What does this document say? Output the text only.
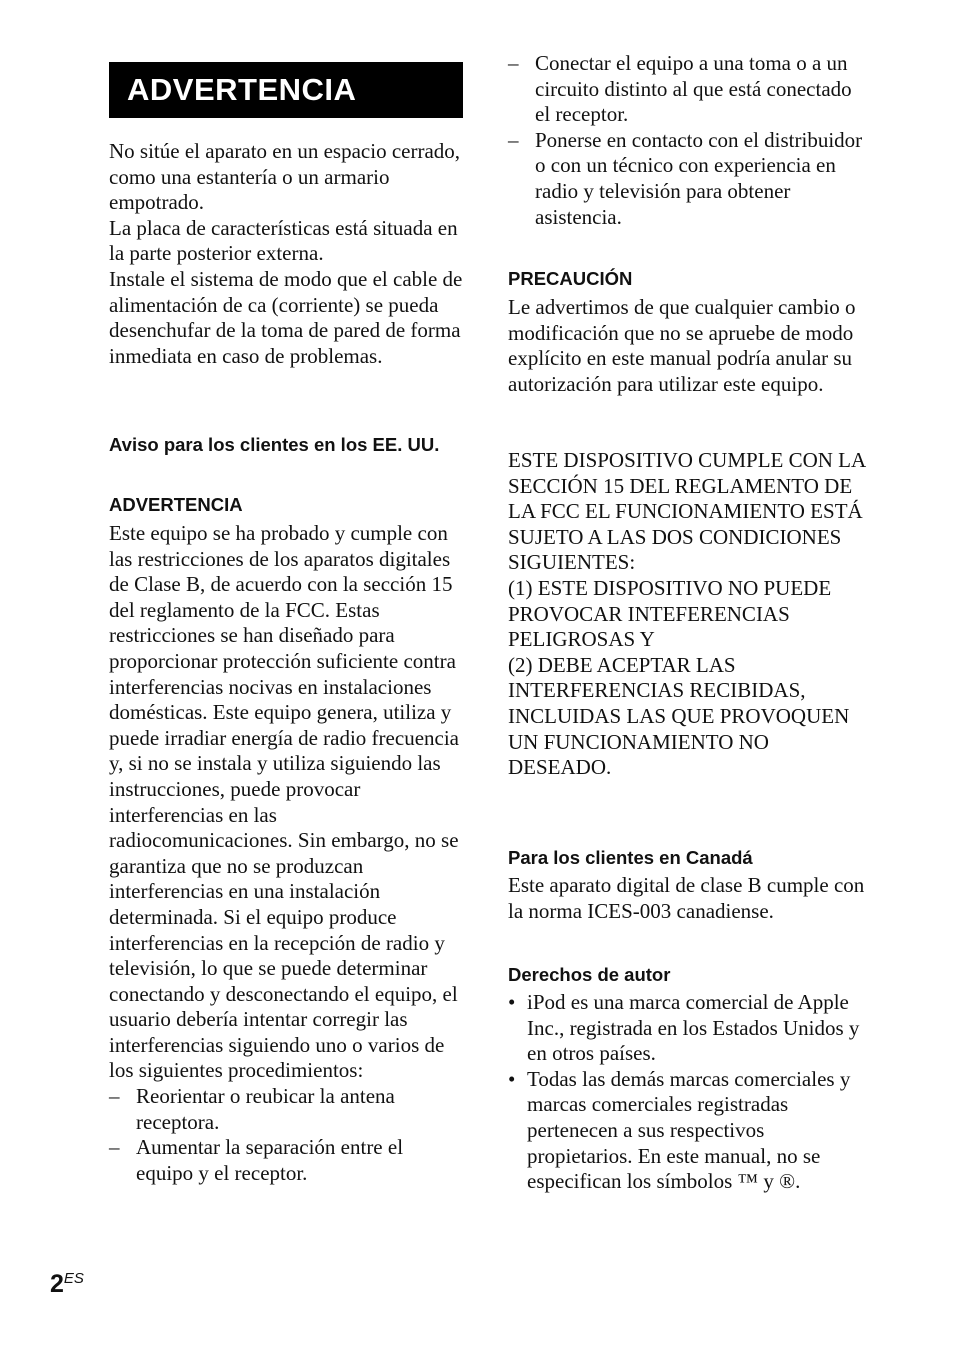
ADVERTENCIA

No sitúe el aparato en un espacio cerrado, como una estantería o un armario empotrado.

La placa de características está situada en la parte posterior externa.

Instale el sistema de modo que el cable de alimentación de ca (corriente) se pueda desenchufar de la toma de pared de forma inmediata en caso de problemas.

Aviso para los clientes en los EE. UU.
ADVERTENCIA

Este equipo se ha probado y cumple con las restricciones de los aparatos digitales de Clase B, de acuerdo con la sección 15 del reglamento de la FCC. Estas restricciones se han diseñado para proporcionar protección suficiente contra interferencias nocivas en instalaciones domésticas. Este equipo genera, utiliza y puede irradiar energía de radio frecuencia y, si no se instala y utiliza siguiendo las instrucciones, puede provocar interferencias en las radiocomunicaciones. Sin embargo, no se garantiza que no se produzcan interferencias en una instalación determinada. Si el equipo produce interferencias en la recepción de radio y televisión, lo que se puede determinar conectando y desconectando el equipo, el usuario debería intentar corregir las interferencias siguiendo uno o varios de los siguientes procedimientos:

– Reorientar o reubicar la antena receptora.
– Aumentar la separación entre el equipo y el receptor.
– Conectar el equipo a una toma o a un circuito distinto al que está conectado el receptor.
– Ponerse en contacto con el distribuidor o con un técnico con experiencia en radio y televisión para obtener asistencia.
PRECAUCIÓN

Le advertimos de que cualquier cambio o modificación que no se apruebe de modo explícito en este manual podría anular su autorización para utilizar este equipo.

ESTE DISPOSITIVO CUMPLE CON LA SECCIÓN 15 DEL REGLAMENTO DE LA FCC EL FUNCIONAMIENTO ESTÁ SUJETO A LAS DOS CONDICIONES SIGUIENTES:

(1) ESTE DISPOSITIVO NO PUEDE PROVOCAR INTEFERENCIAS PELIGROSAS Y

(2) DEBE ACEPTAR LAS INTERFERENCIAS RECIBIDAS, INCLUIDAS LAS QUE PROVOQUEN UN FUNCIONAMIENTO NO DESEADO.

Para los clientes en Canadá

Este aparato digital de clase B cumple con la norma ICES-003 canadiense.

Derechos de autor
• iPod es una marca comercial de Apple Inc., registrada en los Estados Unidos y en otros países.
• Todas las demás marcas comerciales y marcas comerciales registradas pertenecen a sus respectivos propietarios. En este manual, no se especifican los símbolos ™ y ®.
$2^{ES}$
